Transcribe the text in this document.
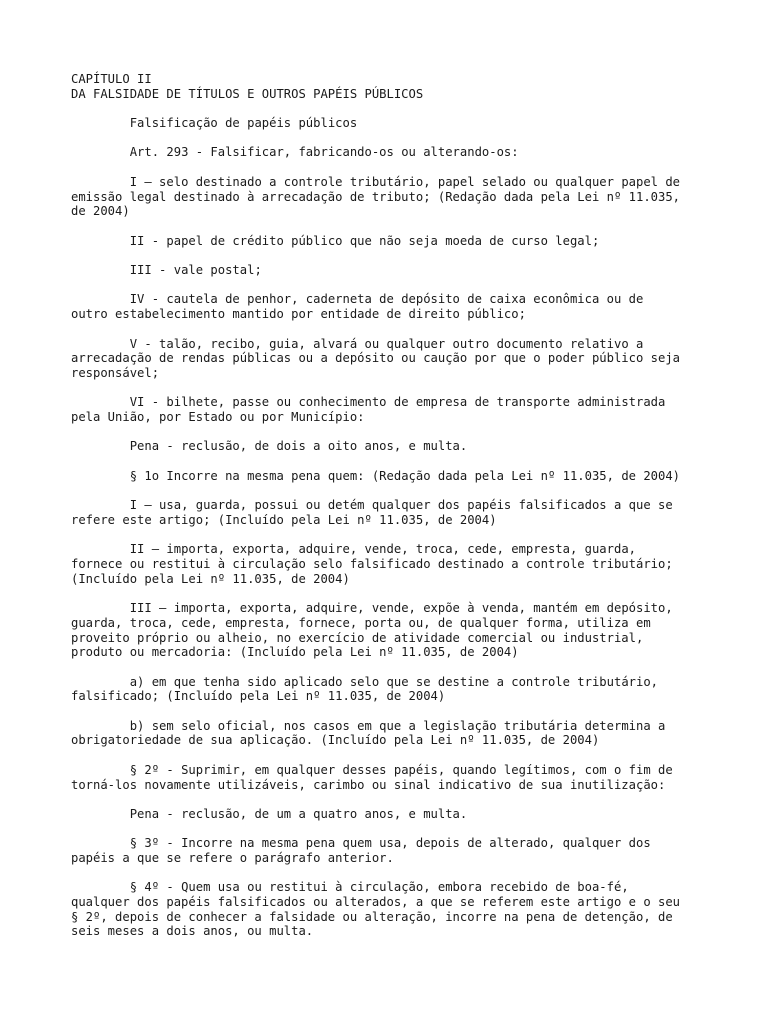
CAPÍTULO II
DA FALSIDADE DE TÍTULOS E OUTROS PAPÉIS PÚBLICOS

Falsificação de papéis públicos

Art. 293 - Falsificar, fabricando-os ou alterando-os:

I – selo destinado a controle tributário, papel selado ou qualquer papel de
emissão legal destinado à arrecadação de tributo; (Redação dada pela Lei nº 11.035,
de 2004)

II - papel de crédito público que não seja moeda de curso legal;

III - vale postal;

IV - cautela de penhor, caderneta de depósito de caixa econômica ou de
outro estabelecimento mantido por entidade de direito público;

V - talão, recibo, guia, alvará ou qualquer outro documento relativo a
arrecadação de rendas públicas ou a depósito ou caução por que o poder público seja
responsável;

VI - bilhete, passe ou conhecimento de empresa de transporte administrada
pela União, por Estado ou por Município:

Pena - reclusão, de dois a oito anos, e multa.

§ 1o Incorre na mesma pena quem: (Redação dada pela Lei nº 11.035, de 2004)

I – usa, guarda, possui ou detém qualquer dos papéis falsificados a que se
refere este artigo; (Incluído pela Lei nº 11.035, de 2004)

II – importa, exporta, adquire, vende, troca, cede, empresta, guarda,
fornece ou restitui à circulação selo falsificado destinado a controle tributário;
(Incluído pela Lei nº 11.035, de 2004)

III – importa, exporta, adquire, vende, expõe à venda, mantém em depósito,
guarda, troca, cede, empresta, fornece, porta ou, de qualquer forma, utiliza em
proveito próprio ou alheio, no exercício de atividade comercial ou industrial,
produto ou mercadoria: (Incluído pela Lei nº 11.035, de 2004)

a) em que tenha sido aplicado selo que se destine a controle tributário,
falsificado; (Incluído pela Lei nº 11.035, de 2004)

b) sem selo oficial, nos casos em que a legislação tributária determina a
obrigatoriedade de sua aplicação. (Incluído pela Lei nº 11.035, de 2004)

§ 2º - Suprimir, em qualquer desses papéis, quando legítimos, com o fim de
torná-los novamente utilizáveis, carimbo ou sinal indicativo de sua inutilização:

Pena - reclusão, de um a quatro anos, e multa.

§ 3º - Incorre na mesma pena quem usa, depois de alterado, qualquer dos
papéis a que se refere o parágrafo anterior.

§ 4º - Quem usa ou restitui à circulação, embora recebido de boa-fé,
qualquer dos papéis falsificados ou alterados, a que se referem este artigo e o seu
§ 2º, depois de conhecer a falsidade ou alteração, incorre na pena de detenção, de
seis meses a dois anos, ou multa.
